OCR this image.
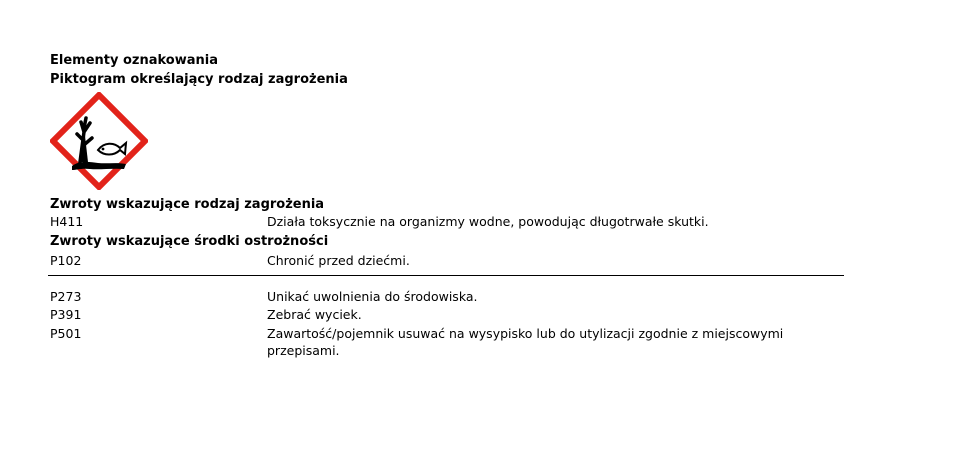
Elementy oznakowania
Piktogram określający rodzaj zagrożenia
Zwroty wskazujące rodzaj zagrożenia
H411	Działa toksycznie na organizmy wodne, powodując długotrwałe skutki.
Zwroty wskazujące środki ostrożności
P102	Chronić przed dziećmi.
P273	Unikać uwolnienia do środowiska.
P391	Zebrać wyciek.
P501	Zawartość/pojemnik usuwać na wysypisko lub do utylizacji zgodnie z miejscowymi przepisami.
